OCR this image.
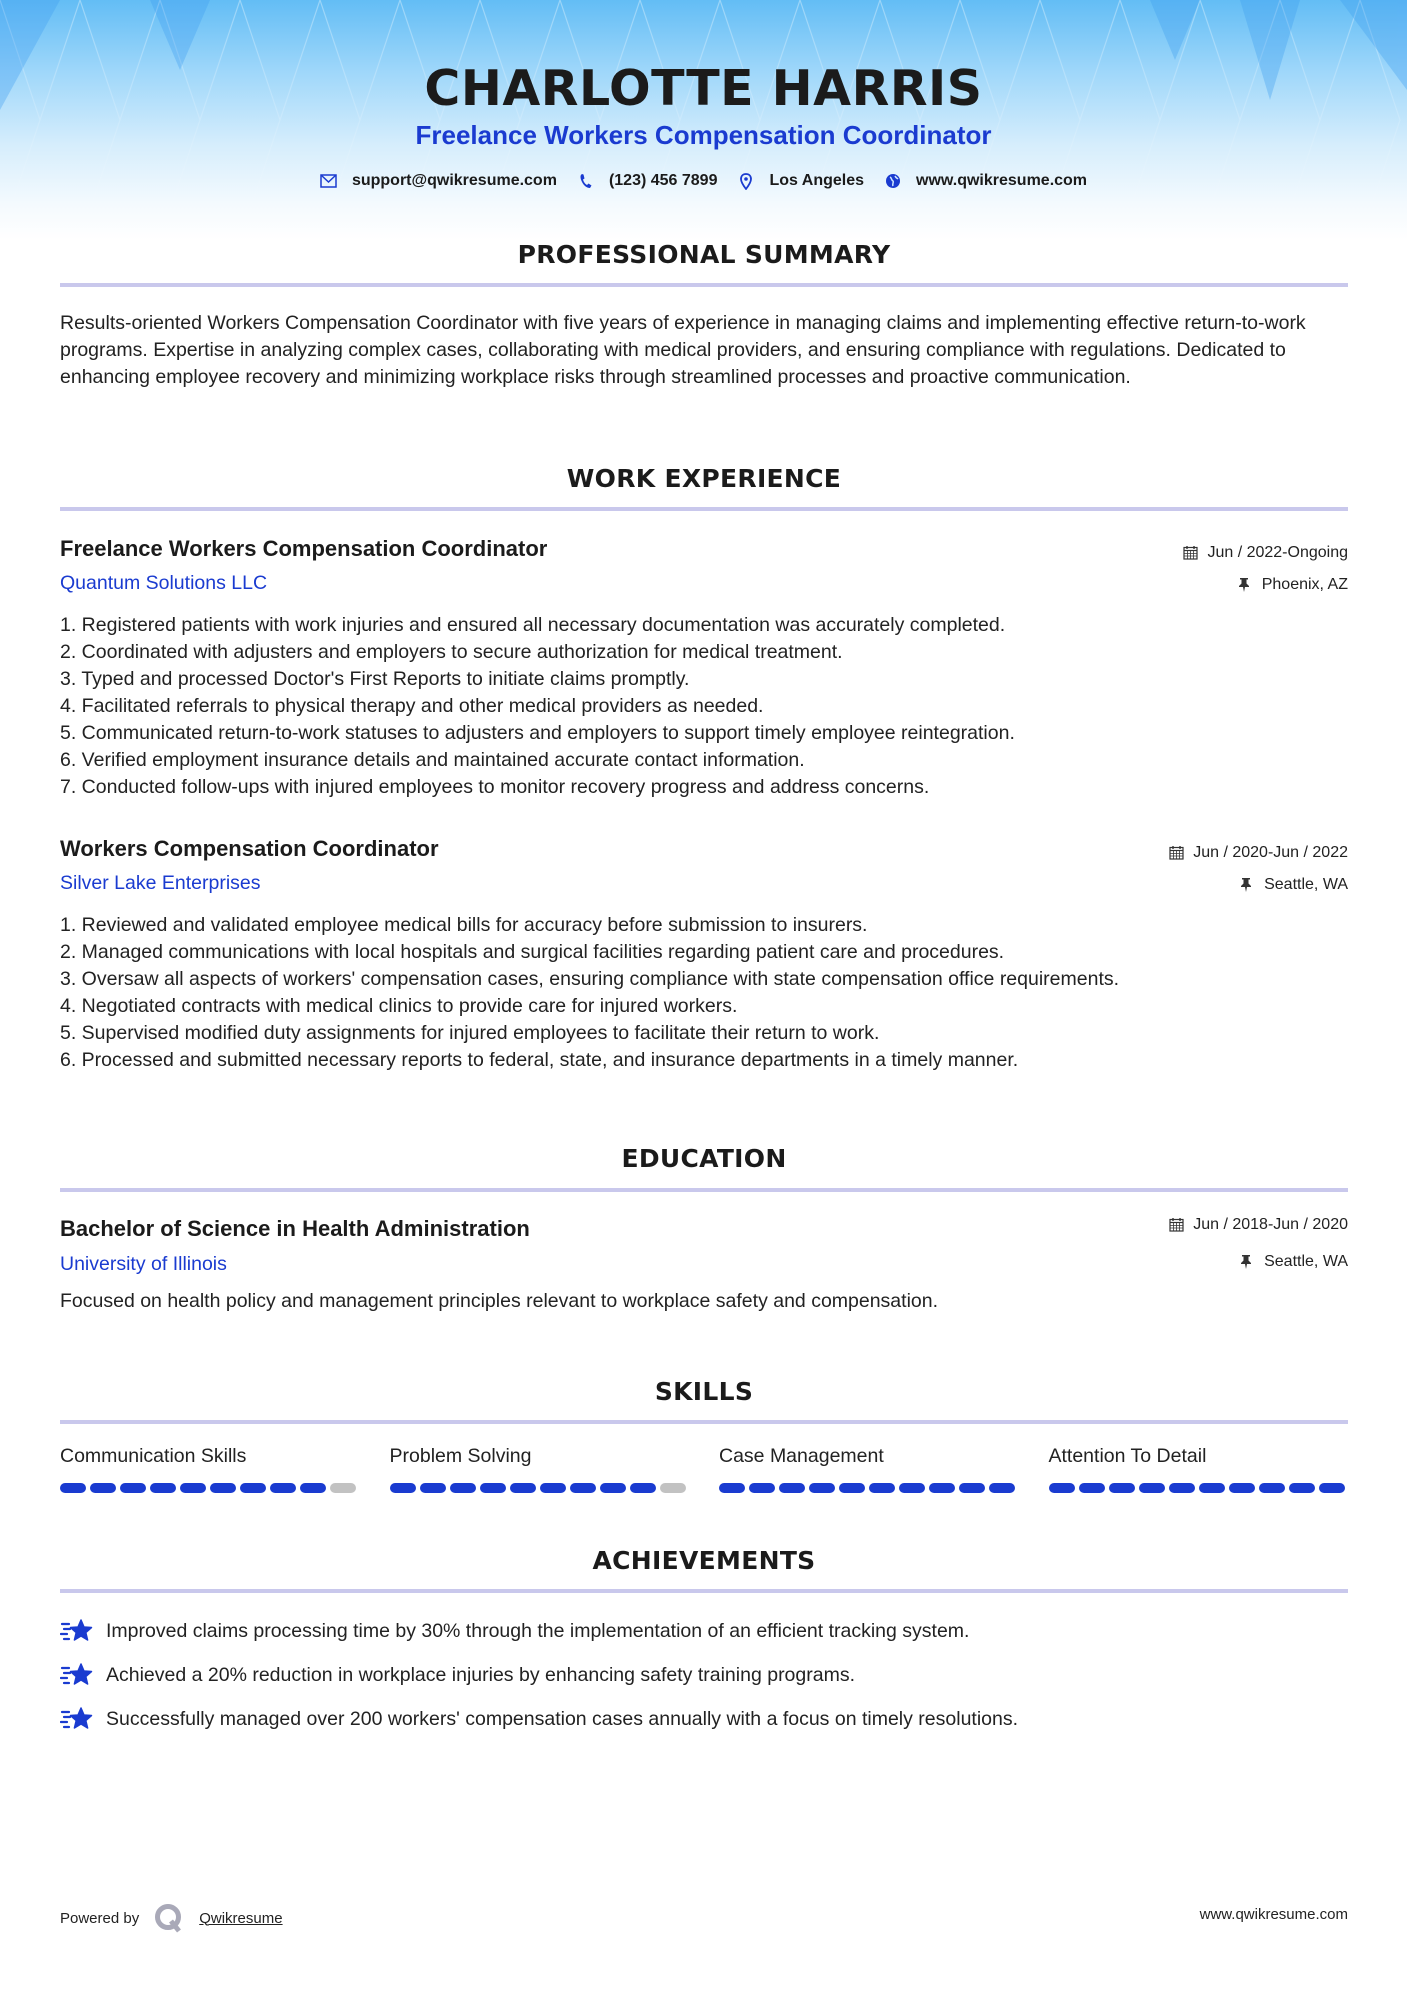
CHARLOTTE HARRIS
Freelance Workers Compensation Coordinator
support@qwikresume.com	(123) 456 7899	Los Angeles	www.qwikresume.com
PROFESSIONAL SUMMARY
Results-oriented Workers Compensation Coordinator with five years of experience in managing claims and implementing effective return-to-work programs. Expertise in analyzing complex cases, collaborating with medical providers, and ensuring compliance with regulations. Dedicated to enhancing employee recovery and minimizing workplace risks through streamlined processes and proactive communication.
WORK EXPERIENCE
Freelance Workers Compensation Coordinator	Jun / 2022-Ongoing
Quantum Solutions LLC	Phoenix, AZ
1. Registered patients with work injuries and ensured all necessary documentation was accurately completed.
2. Coordinated with adjusters and employers to secure authorization for medical treatment.
3. Typed and processed Doctor's First Reports to initiate claims promptly.
4. Facilitated referrals to physical therapy and other medical providers as needed.
5. Communicated return-to-work statuses to adjusters and employers to support timely employee reintegration.
6. Verified employment insurance details and maintained accurate contact information.
7. Conducted follow-ups with injured employees to monitor recovery progress and address concerns.
Workers Compensation Coordinator	Jun / 2020-Jun / 2022
Silver Lake Enterprises	Seattle, WA
1. Reviewed and validated employee medical bills for accuracy before submission to insurers.
2. Managed communications with local hospitals and surgical facilities regarding patient care and procedures.
3. Oversaw all aspects of workers' compensation cases, ensuring compliance with state compensation office requirements.
4. Negotiated contracts with medical clinics to provide care for injured workers.
5. Supervised modified duty assignments for injured employees to facilitate their return to work.
6. Processed and submitted necessary reports to federal, state, and insurance departments in a timely manner.
EDUCATION
Bachelor of Science in Health Administration	Jun / 2018-Jun / 2020
University of Illinois	Seattle, WA
Focused on health policy and management principles relevant to workplace safety and compensation.
SKILLS
Communication Skills	Problem Solving	Case Management	Attention To Detail
ACHIEVEMENTS
Improved claims processing time by 30% through the implementation of an efficient tracking system.
Achieved a 20% reduction in workplace injuries by enhancing safety training programs.
Successfully managed over 200 workers' compensation cases annually with a focus on timely resolutions.
Powered by	Qwikresume	www.qwikresume.com
